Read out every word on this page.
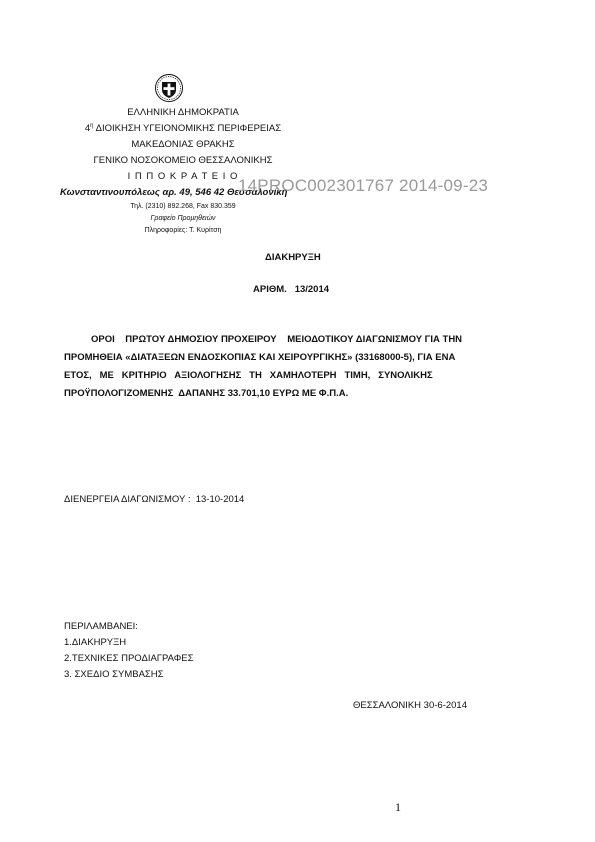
ΕΛΛΗΝΙΚΗ ΔΗΜΟΚΡΑΤΙΑ
$4^\eta$ ΔΙΟΙΚΗΣΗ ΥΓΕΙΟΝΟΜΙΚΗΣ ΠΕΡΙΦΕΡΕΙΑΣ
ΜΑΚΕΔΟΝΙΑΣ ΘΡΑΚΗΣ
ΓΕΝΙΚΟ ΝΟΣΟΚΟΜΕΙΟ ΘΕΣΣΑΛΟΝΙΚΗΣ
Ι Π Π Ο Κ Ρ Α Τ Ε Ι Ο
Κωνσταντινουπόλεως αρ. 49, 546 42 Θεσσαλονίκη
14PROC002301767 2014-09-23
Τηλ. (2310) 892.268, Fax 830.359
Γραφείο Προμηθειών
Πληροφορίες: Τ. Κυρίτση
ΔΙΑΚΗΡΥΞΗ
ΑΡΙΘΜ.   13/2014
ΟΡΟΙ    ΠΡΩΤΟΥ ΔΗΜΟΣΙΟΥ ΠΡΟΧΕΙΡΟΥ    ΜΕΙΟΔΟΤΙΚΟΥ ΔΙΑΓΩΝΙΣΜΟΥ ΓΙΑ ΤΗΝ
ΠΡΟΜΗΘΕΙΑ «ΔΙΑΤΑΞΕΩΝ ΕΝΔΟΣΚΟΠΙΑΣ ΚΑΙ ΧΕΙΡΟΥΡΓΙΚΗΣ» (33168000-5), ΓΙΑ ΕΝΑ
ΕΤΟΣ,   ΜΕ   ΚΡΙΤΗΡΙΟ   ΑΞΙΟΛΟΓΗΣΗΣ   ΤΗ   ΧΑΜΗΛΟΤΕΡΗ   ΤΙΜΗ,   ΣΥΝΟΛΙΚΗΣ
ΠΡΟΫΠΟΛΟΓΙΖΟΜΕΝΗΣ  ΔΑΠΑΝΗΣ 33.701,10 ΕΥΡΩ ΜΕ Φ.Π.Α.
ΔΙΕΝΕΡΓΕΙΑ ΔΙΑΓΩΝΙΣΜΟΥ :  13-10-2014
ΠΕΡΙΛΑΜΒΑΝΕΙ:
1.ΔΙΑΚΗΡΥΞΗ
2.ΤΕΧΝΙΚΕΣ ΠΡΟΔΙΑΓΡΑΦΕΣ
3. ΣΧΕΔΙΟ ΣΥΜΒΑΣΗΣ
ΘΕΣΣΑΛΟΝΙΚΗ 30-6-2014
1
